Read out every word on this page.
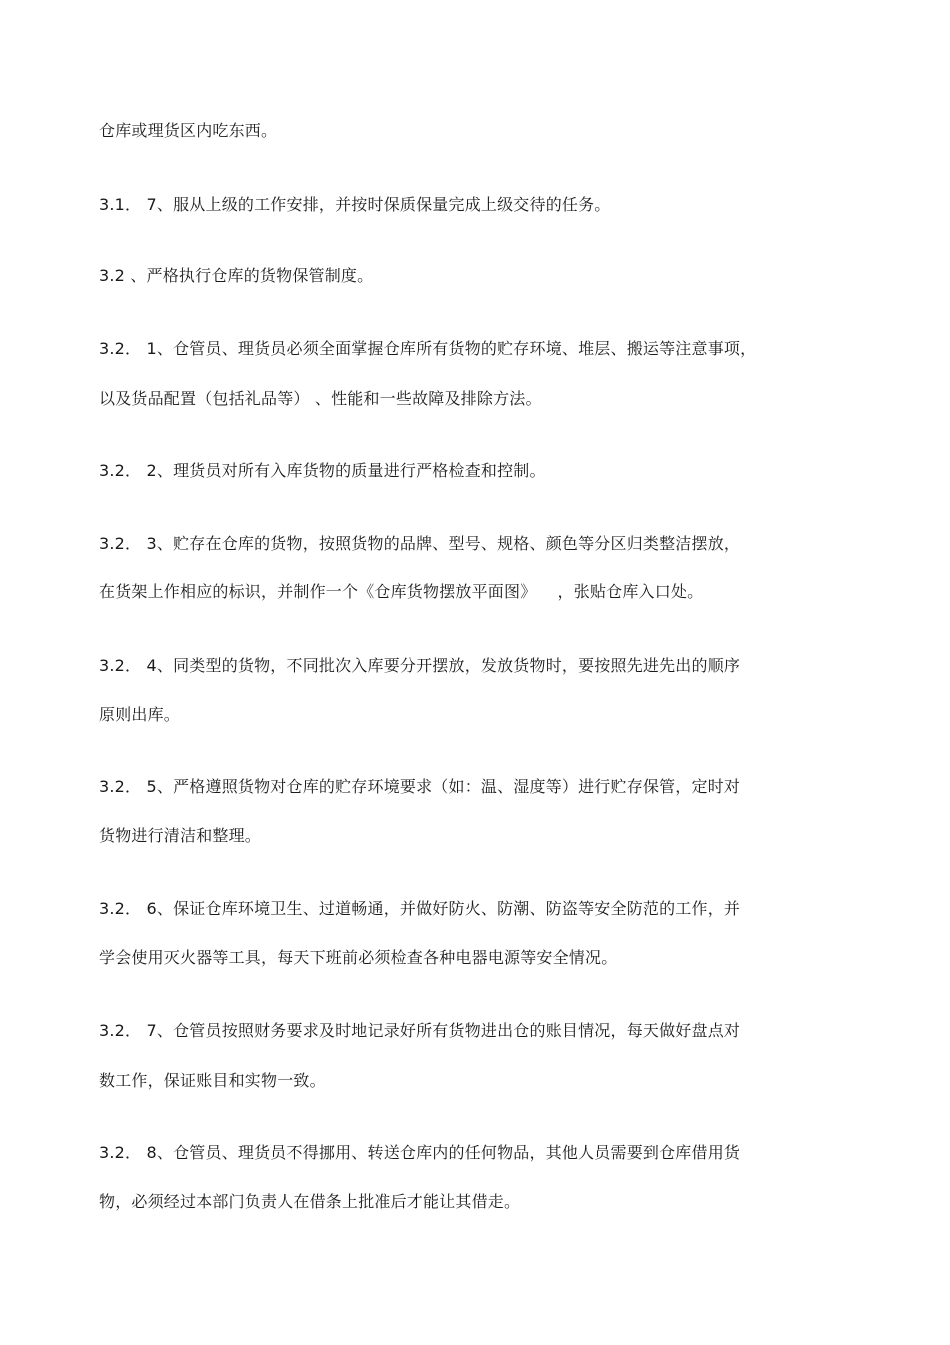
仓库或理货区内吃东西。
3.1． 7、服从上级的工作安排，并按时保质保量完成上级交待的任务。
3.2 、严格执行仓库的货物保管制度。
3.2． 1、仓管员、理货员必须全面掌握仓库所有货物的贮存环境、堆层、搬运等注意事项，
以及货品配置（包括礼品等） 、性能和一些故障及排除方法。
3.2． 2、理货员对所有入库货物的质量进行严格检查和控制。
3.2． 3、贮存在仓库的货物，按照货物的品牌、型号、规格、颜色等分区归类整洁摆放，
在货架上作相应的标识，并制作一个《仓库货物摆放平面图》    ，张贴仓库入口处。
3.2． 4、同类型的货物，不同批次入库要分开摆放，发放货物时，要按照先进先出的顺序
原则出库。
3.2． 5、严格遵照货物对仓库的贮存环境要求（如：温、湿度等）进行贮存保管，定时对
货物进行清洁和整理。
3.2． 6、保证仓库环境卫生、过道畅通，并做好防火、防潮、防盗等安全防范的工作，并
学会使用灭火器等工具，每天下班前必须检查各种电器电源等安全情况。
3.2． 7、仓管员按照财务要求及时地记录好所有货物进出仓的账目情况，每天做好盘点对
数工作，保证账目和实物一致。
3.2． 8、仓管员、理货员不得挪用、转送仓库内的任何物品，其他人员需要到仓库借用货
物，必须经过本部门负责人在借条上批准后才能让其借走。
